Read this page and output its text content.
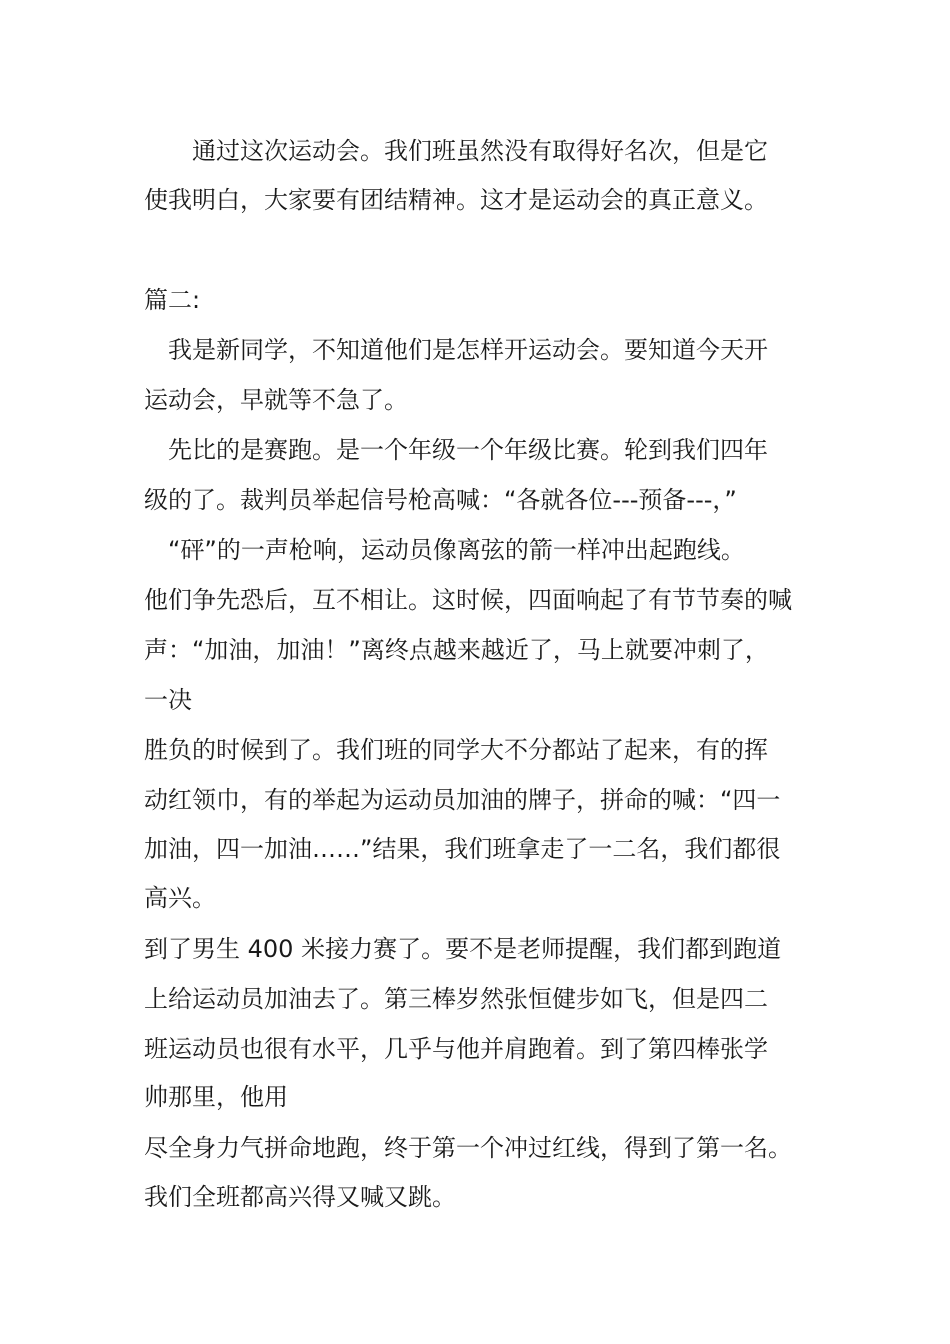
　　通过这次运动会。我们班虽然没有取得好名次，但是它
使我明白，大家要有团结精神。这才是运动会的真正意义。
篇二:
　我是新同学，不知道他们是怎样开运动会。要知道今天开
运动会，早就等不急了。
　先比的是赛跑。是一个年级一个年级比赛。轮到我们四年
级的了。裁判员举起信号枪高喊：“各就各位---预备---，”
　“砰”的一声枪响，运动员像离弦的箭一样冲出起跑线。
他们争先恐后，互不相让。这时候，四面响起了有节节奏的喊
声：“加油，加油！”离终点越来越近了，马上就要冲刺了，
一决
胜负的时候到了。我们班的同学大不分都站了起来，有的挥
动红领巾，有的举起为运动员加油的牌子，拼命的喊：“四一
加油，四一加油……”结果，我们班拿走了一二名，我们都很
高兴。
到了男生 400 米接力赛了。要不是老师提醒，我们都到跑道
上给运动员加油去了。第三棒岁然张恒健步如飞，但是四二
班运动员也很有水平，几乎与他并肩跑着。到了第四棒张学
帅那里，他用
尽全身力气拼命地跑，终于第一个冲过红线，得到了第一名。
我们全班都高兴得又喊又跳。
